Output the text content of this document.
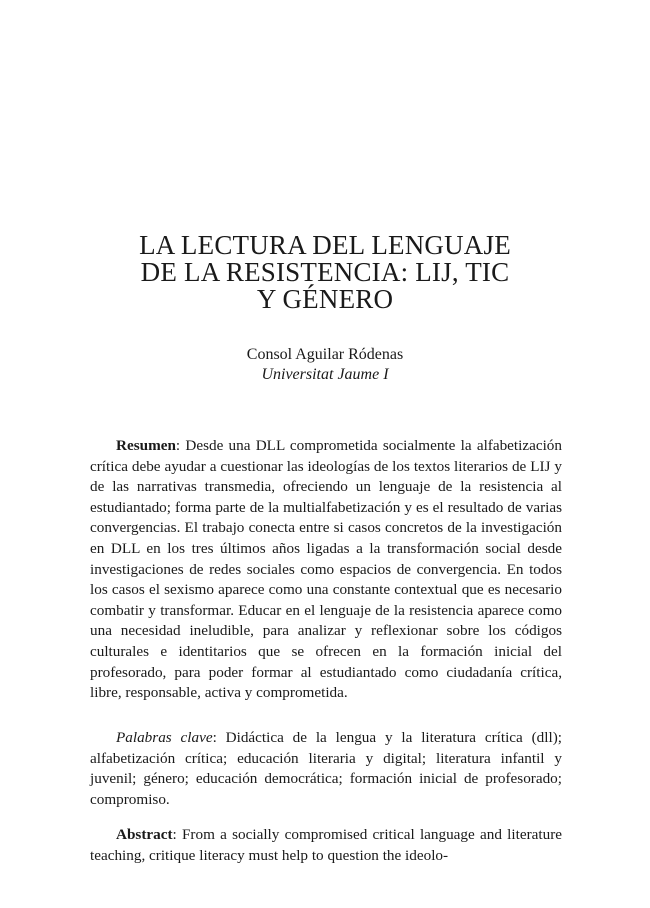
LA LECTURA DEL LENGUAJE
DE LA RESISTENCIA: LIJ, TIC
Y GÉNERO
Consol Aguilar Ródenas
Universitat Jaume I

Resumen: Desde una DLL comprometida socialmente la alfabetización crítica debe ayudar a cuestionar las ideologías de los textos literarios de LIJ y de las narrativas transmedia, ofreciendo un lenguaje de la resistencia al estudiantado; forma parte de la multialfabetización y es el resultado de varias convergencias. El trabajo conecta entre si casos concretos de la investigación en DLL en los tres últimos años ligadas a la transformación social desde investigaciones de redes sociales como espacios de convergencia. En todos los casos el sexismo aparece como una constante contextual que es necesario combatir y transformar. Educar en el lenguaje de la resistencia aparece como una necesidad ineludible, para analizar y reflexionar sobre los códigos culturales e identitarios que se ofrecen en la formación inicial del profesorado, para poder formar al estudiantado como ciudadanía crítica, libre, responsable, activa y comprometida.

Palabras clave: Didáctica de la lengua y la literatura crítica (dll); alfabetización crítica; educación literaria y digital; literatura infantil y juvenil; género; educación democrática; formación inicial de profesorado; compromiso.

Abstract: From a socially compromised critical language and literature teaching, critique literacy must help to question the ideolo-
